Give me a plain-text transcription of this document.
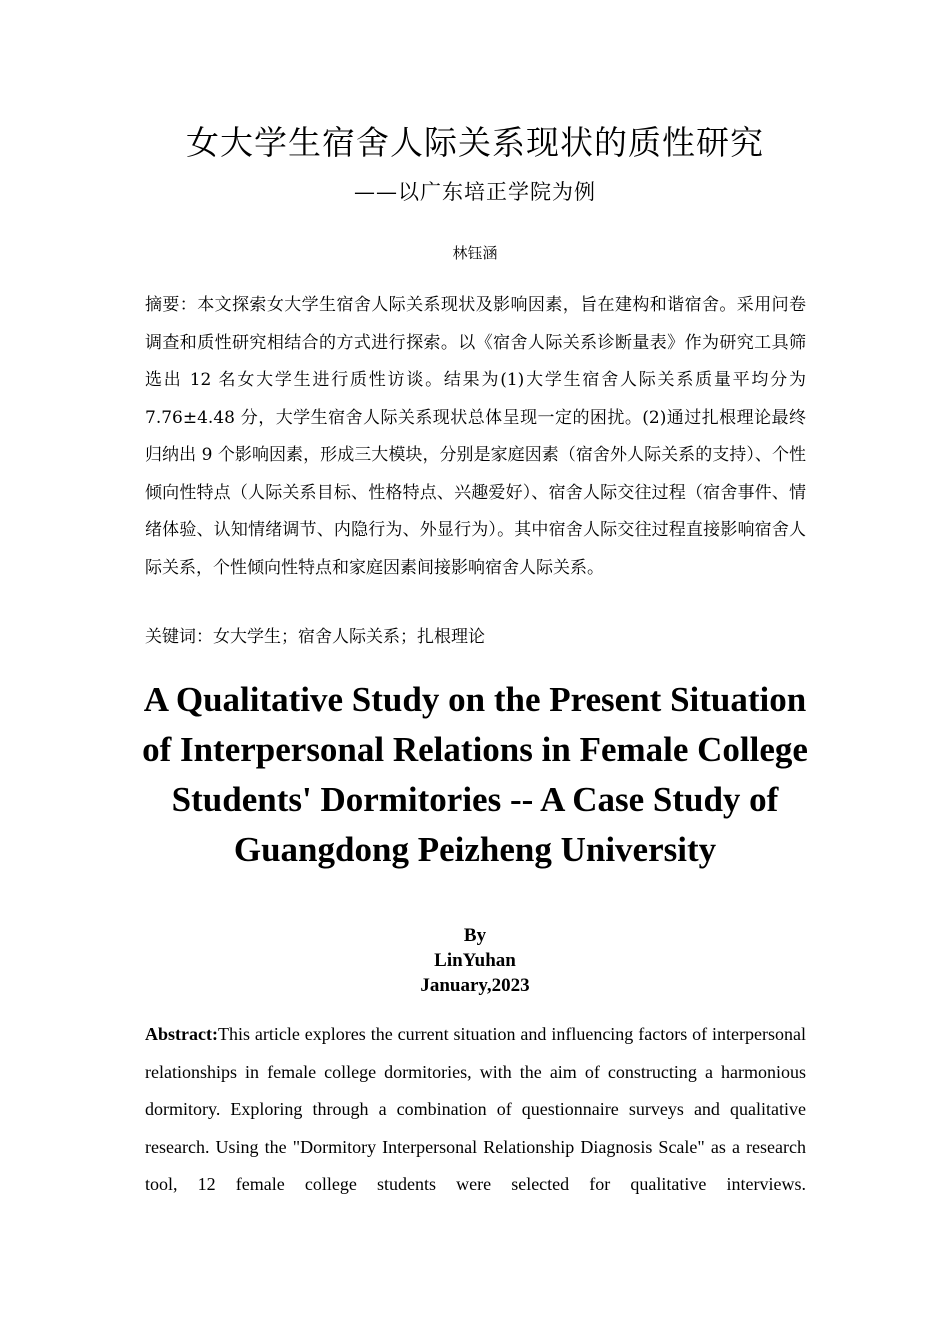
女大学生宿舍人际关系现状的质性研究
——以广东培正学院为例
林钰涵
摘要：本文探索女大学生宿舍人际关系现状及影响因素，旨在建构和谐宿舍。采用问卷调查和质性研究相结合的方式进行探索。以《宿舍人际关系诊断量表》作为研究工具筛选出 12 名女大学生进行质性访谈。结果为(1)大学生宿舍人际关系质量平均分为 7.76±4.48 分，大学生宿舍人际关系现状总体呈现一定的困扰。(2)通过扎根理论最终归纳出 9 个影响因素，形成三大模块，分别是家庭因素（宿舍外人际关系的支持）、个性倾向性特点（人际关系目标、性格特点、兴趣爱好）、宿舍人际交往过程（宿舍事件、情绪体验、认知情绪调节、内隐行为、外显行为）。其中宿舍人际交往过程直接影响宿舍人际关系，个性倾向性特点和家庭因素间接影响宿舍人际关系。
关键词：女大学生；宿舍人际关系；扎根理论
A Qualitative Study on the Present Situation of Interpersonal Relations in Female College Students' Dormitories -- A Case Study of Guangdong Peizheng University
By
LinYuhan
January,2023
Abstract:This article explores the current situation and influencing factors of interpersonal relationships in female college dormitories, with the aim of constructing a harmonious dormitory. Exploring through a combination of questionnaire surveys and qualitative research. Using the "Dormitory Interpersonal Relationship Diagnosis Scale" as a research tool, 12 female college students were selected for qualitative interviews.
